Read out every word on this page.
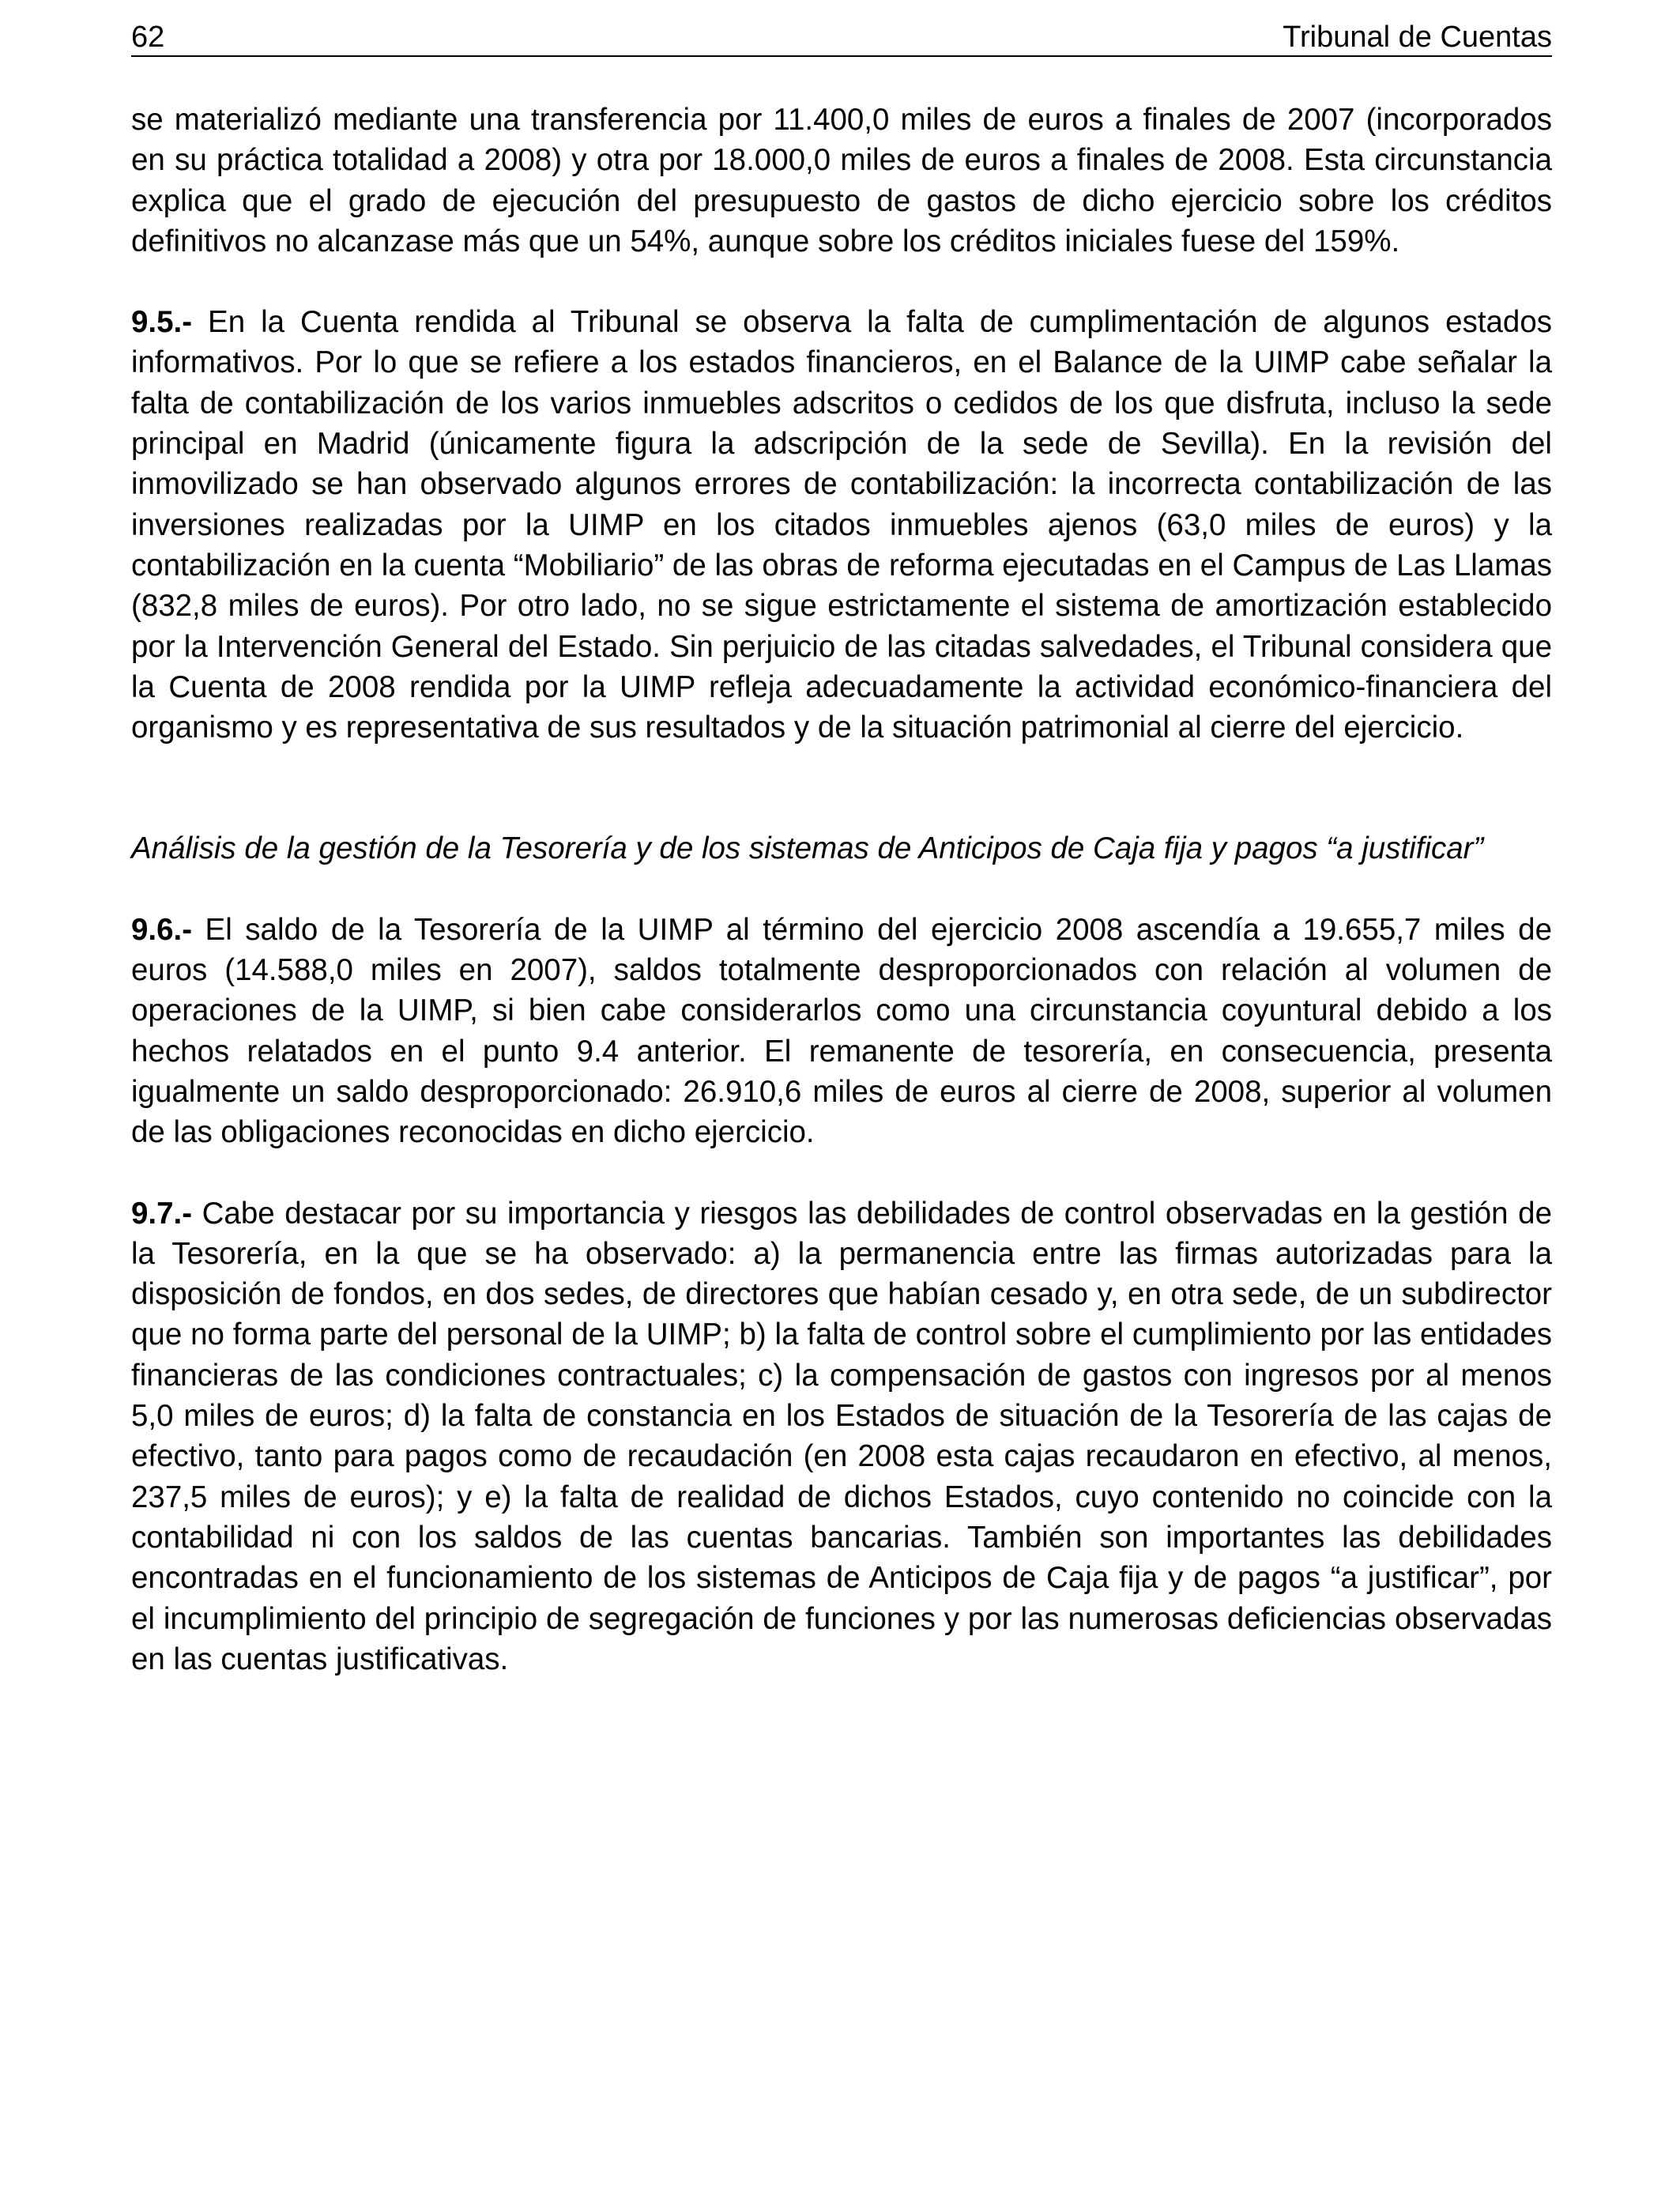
62	Tribunal de Cuentas

se materializó mediante una transferencia por 11.400,0 miles de euros a finales de 2007 (incorporados en su práctica totalidad a 2008) y otra por 18.000,0 miles de euros a finales de 2008. Esta circunstancia explica que el grado de ejecución del presupuesto de gastos de dicho ejercicio sobre los créditos definitivos no alcanzase más que un 54%, aunque sobre los créditos iniciales fuese del 159%.

9.5.- En la Cuenta rendida al Tribunal se observa la falta de cumplimentación de algunos estados informativos. Por lo que se refiere a los estados financieros, en el Balance de la UIMP cabe señalar la falta de contabilización de los varios inmuebles adscritos o cedidos de los que disfruta, incluso la sede principal en Madrid (únicamente figura la adscripción de la sede de Sevilla). En la revisión del inmovilizado se han observado algunos errores de contabilización: la incorrecta contabilización de las inversiones realizadas por la UIMP en los citados inmuebles ajenos (63,0 miles de euros) y la contabilización en la cuenta “Mobiliario” de las obras de reforma ejecutadas en el Campus de Las Llamas (832,8 miles de euros). Por otro lado, no se sigue estrictamente el sistema de amortización establecido por la Intervención General del Estado. Sin perjuicio de las citadas salvedades, el Tribunal considera que la Cuenta de 2008 rendida por la UIMP refleja adecuadamente la actividad económico-financiera del organismo y es representativa de sus resultados y de la situación patrimonial al cierre del ejercicio.

Análisis de la gestión de la Tesorería y de los sistemas de Anticipos de Caja fija y pagos “a justificar”

9.6.- El saldo de la Tesorería de la UIMP al término del ejercicio 2008 ascendía a 19.655,7 miles de euros (14.588,0 miles en 2007), saldos totalmente desproporcionados con relación al volumen de operaciones de la UIMP, si bien cabe considerarlos como una circunstancia coyuntural debido a los hechos relatados en el punto 9.4 anterior. El remanente de tesorería, en consecuencia, presenta igualmente un saldo desproporcionado: 26.910,6 miles de euros al cierre de 2008, superior al volumen de las obligaciones reconocidas en dicho ejercicio.

9.7.- Cabe destacar por su importancia y riesgos las debilidades de control observadas en la gestión de la Tesorería, en la que se ha observado: a) la permanencia entre las firmas autorizadas para la disposición de fondos, en dos sedes, de directores que habían cesado y, en otra sede, de un subdirector que no forma parte del personal de la UIMP; b) la falta de control sobre el cumplimiento por las entidades financieras de las condiciones contractuales; c) la compensación de gastos con ingresos por al menos 5,0 miles de euros; d) la falta de constancia en los Estados de situación de la Tesorería de las cajas de efectivo, tanto para pagos como de recaudación (en 2008 esta cajas recaudaron en efectivo, al menos, 237,5 miles de euros); y e) la falta de realidad de dichos Estados, cuyo contenido no coincide con la contabilidad ni con los saldos de las cuentas bancarias. También son importantes las debilidades encontradas en el funcionamiento de los sistemas de Anticipos de Caja fija y de pagos “a justificar”, por el incumplimiento del principio de segregación de funciones y por las numerosas deficiencias observadas en las cuentas justificativas.
